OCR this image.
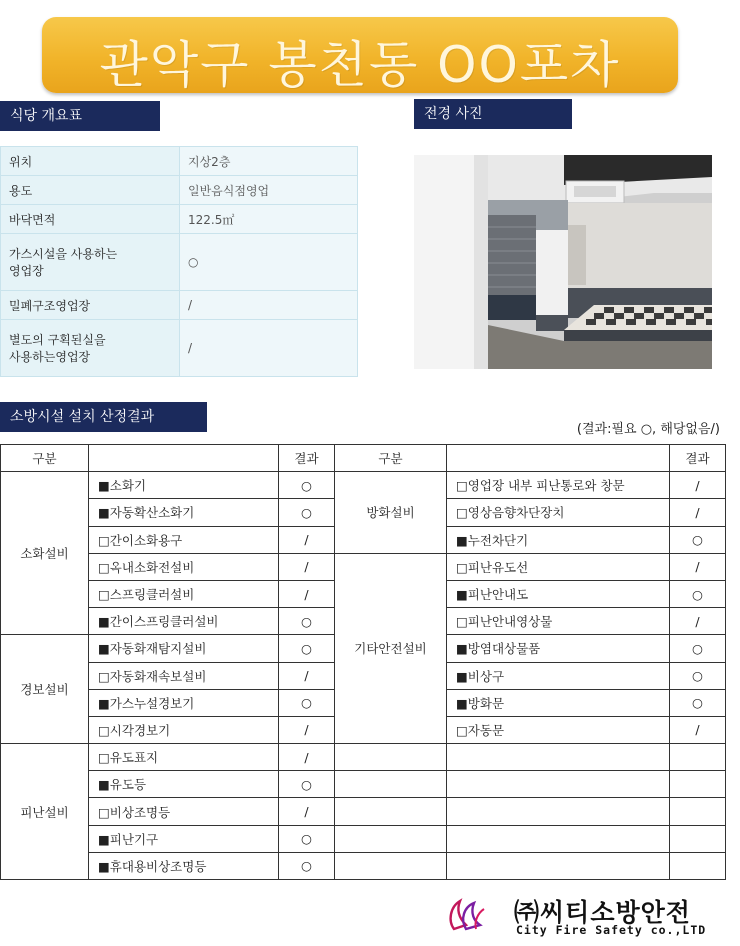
관악구 봉천동 OO포차
식당 개요표	전경 사진
위치	지상2층
용도	일반음식점영업
바닥면적	122.5㎡
가스시설을 사용하는
영업장	○
밀폐구조영업장	/
별도의 구획된실을
사용하는영업장	/
소방시설 설치 산정결과
(결과:필요 ○, 해당없음/)
구분		결과	구분		결과
소화설비	■소화기	○	방화설비	□영업장 내부 피난통로와 창문	/
	■자동확산소화기	○		□영상음향차단장치	/
	□간이소화용구	/		■누전차단기	○
	□옥내소화전설비	/	기타안전설비	□피난유도선	/
	□스프링클러설비	/		■피난안내도	○
	■간이스프링클러설비	○		□피난안내영상물	/
경보설비	■자동화재탐지설비	○		■방염대상물품	○
	□자동화재속보설비	/		■비상구	○
	■가스누설경보기	○		■방화문	○
	□시각경보기	/		□자동문	/
피난설비	□유도표지	/			
	■유도등	○			
	□비상조명등	/			
	■피난기구	○			
	■휴대용비상조명등	○			
㈜씨티소방안전
City Fire Safety co.,LTD
